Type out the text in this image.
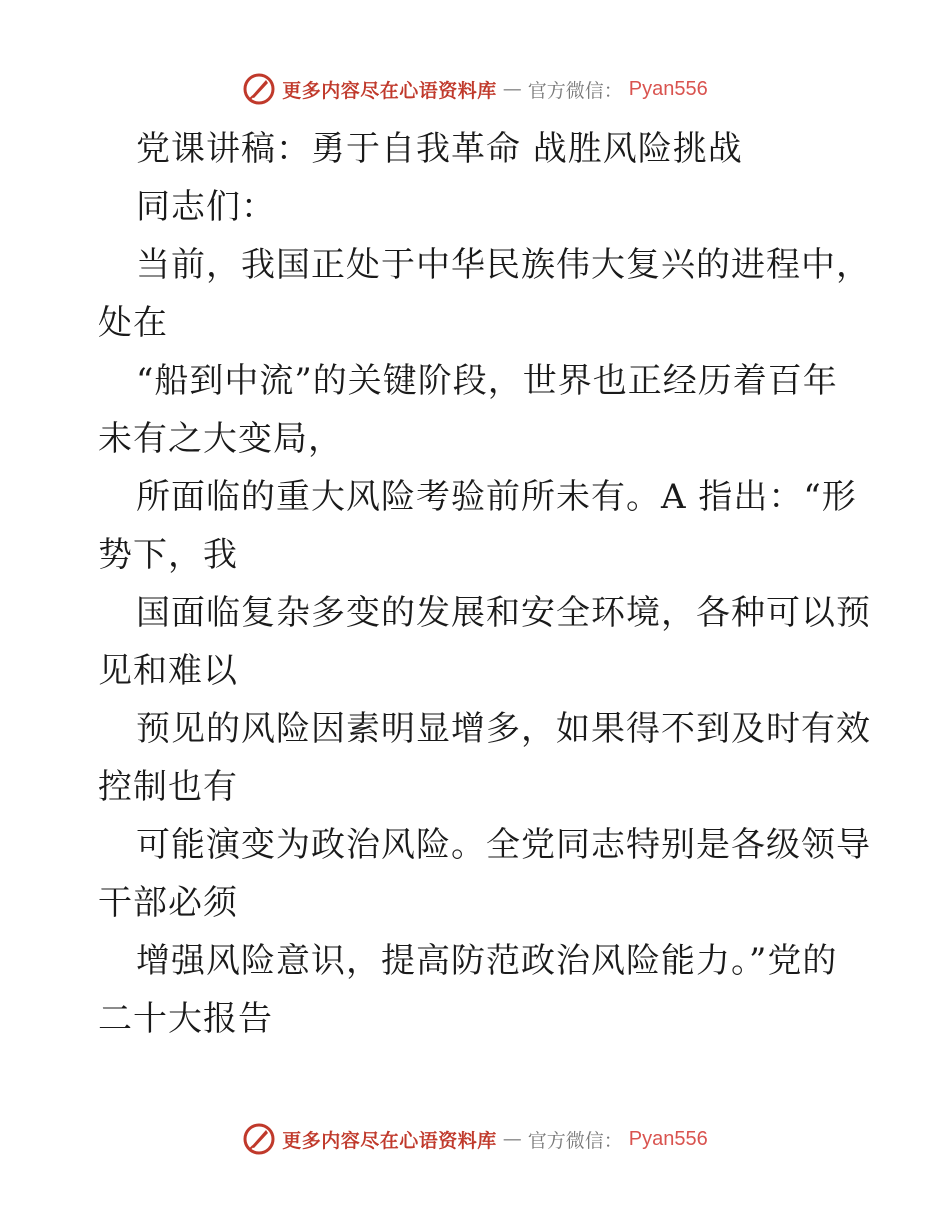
更多内容尽在心语资料库 — 官方微信： Pyan556
党课讲稿：勇于自我革命 战胜风险挑战
同志们：
当前，我国正处于中华民族伟大复兴的进程中，
处在
“船到中流”的关键阶段，世界也正经历着百年
未有之大变局，
所面临的重大风险考验前所未有。A 指出：“形
势下，我
国面临复杂多变的发展和安全环境，各种可以预
见和难以
预见的风险因素明显增多，如果得不到及时有效
控制也有
可能演变为政治风险。全党同志特别是各级领导
干部必须
增强风险意识，提高防范政治风险能力。”党的
二十大报告
更多内容尽在心语资料库 — 官方微信： Pyan556
